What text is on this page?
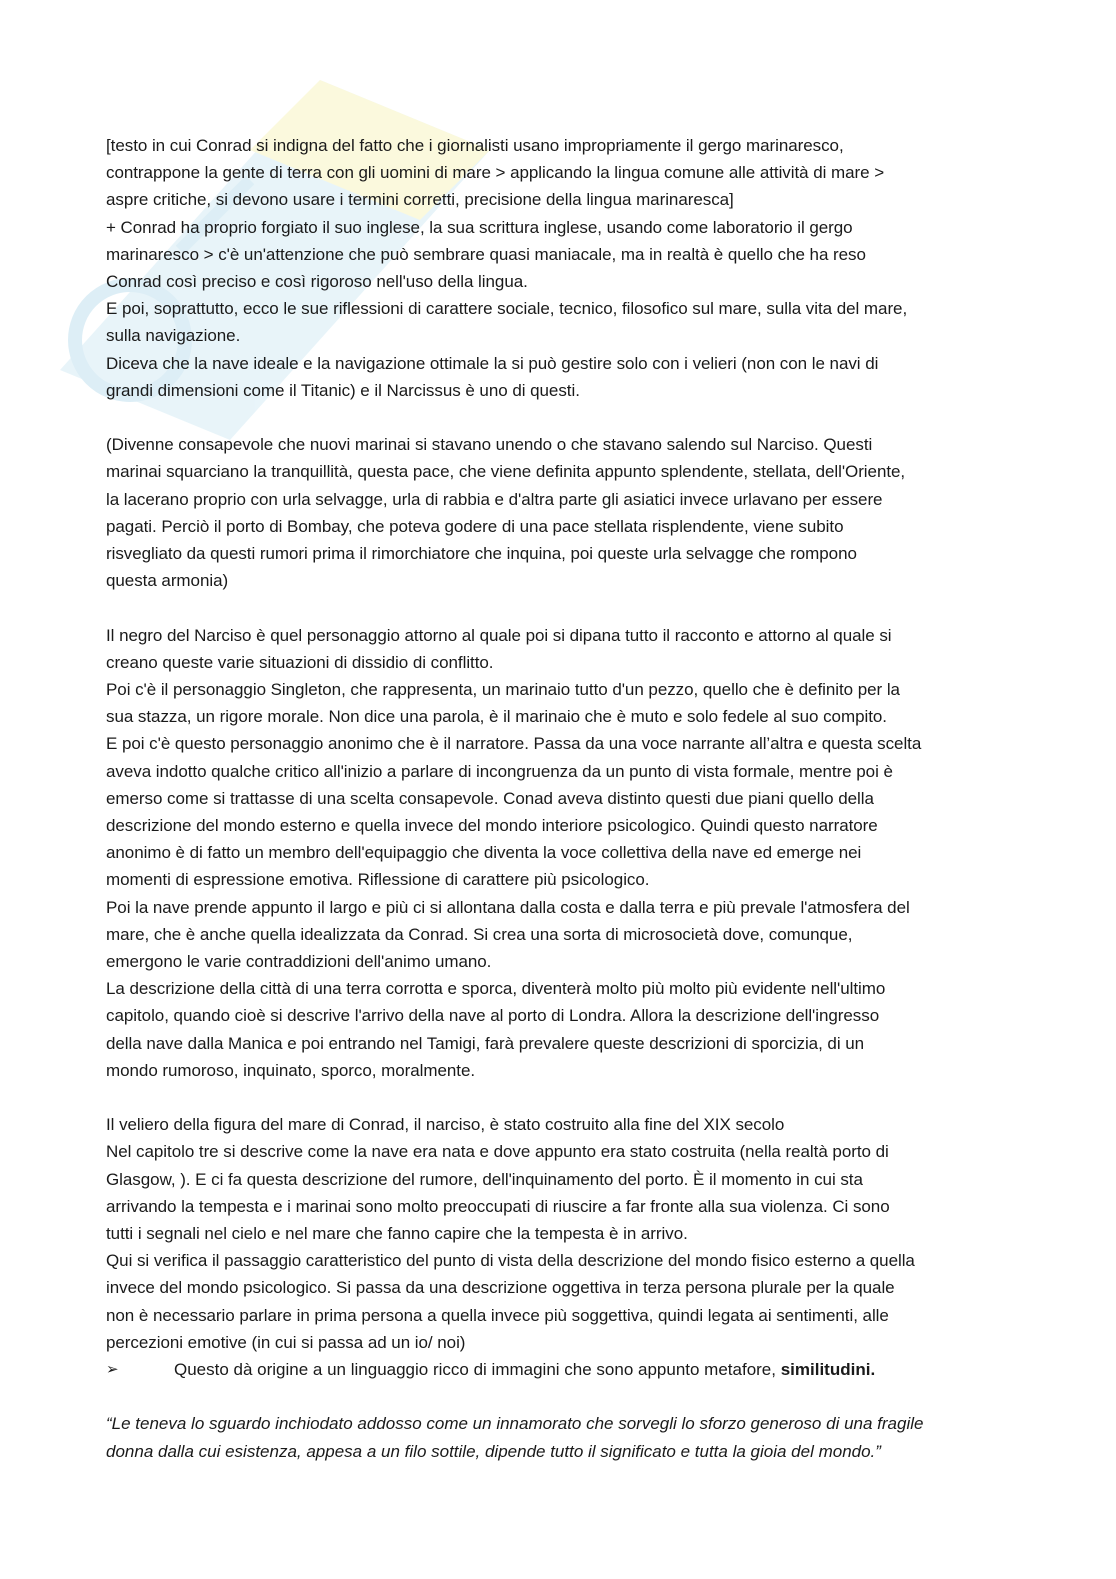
[testo in cui Conrad si indigna del fatto che i giornalisti usano impropriamente il gergo marinaresco,
contrappone la gente di terra con gli uomini di mare > applicando la lingua comune alle attività di mare >
aspre critiche, si devono usare i termini corretti, precisione della lingua marinaresca]
+ Conrad ha proprio forgiato il suo inglese, la sua scrittura inglese, usando come laboratorio il gergo
marinaresco > c'è un'attenzione che può sembrare quasi maniacale, ma in realtà è quello che ha reso
Conrad così preciso e così rigoroso nell'uso della lingua.
E poi, soprattutto, ecco le sue riflessioni di carattere sociale, tecnico, filosofico sul mare, sulla vita del mare,
sulla navigazione.
Diceva che la nave ideale e la navigazione ottimale la si può gestire solo con i velieri (non con le navi di
grandi dimensioni come il Titanic) e il Narcissus è uno di questi.
(Divenne consapevole che nuovi marinai si stavano unendo o che stavano salendo sul Narciso. Questi
marinai squarciano la tranquillità, questa pace, che viene definita appunto splendente, stellata, dell'Oriente,
la lacerano proprio con urla selvagge, urla di rabbia e d'altra parte gli asiatici invece urlavano per essere
pagati. Perciò il porto di Bombay, che poteva godere di una pace stellata risplendente, viene subito
risvegliato da questi rumori prima il rimorchiatore che inquina, poi queste urla selvagge che rompono
questa armonia)
Il negro del Narciso è quel personaggio attorno al quale poi si dipana tutto il racconto e attorno al quale si
creano queste varie situazioni di dissidio di conflitto.
Poi c'è il personaggio Singleton, che rappresenta, un marinaio tutto d'un pezzo, quello che è definito per la
sua stazza, un rigore morale. Non dice una parola, è il marinaio che è muto e solo fedele al suo compito.
E poi c'è questo personaggio anonimo che è il narratore. Passa da una voce narrante all’altra e questa scelta
aveva indotto qualche critico all'inizio a parlare di incongruenza da un punto di vista formale, mentre poi è
emerso come si trattasse di una scelta consapevole. Conad aveva distinto questi due piani quello della
descrizione del mondo esterno e quella invece del mondo interiore psicologico. Quindi questo narratore
anonimo è di fatto un membro dell'equipaggio che diventa la voce collettiva della nave ed emerge nei
momenti di espressione emotiva. Riflessione di carattere più psicologico.
Poi la nave prende appunto il largo e più ci si allontana dalla costa e dalla terra e più prevale l'atmosfera del
mare, che è anche quella idealizzata da Conrad. Si crea una sorta di microsocietà dove, comunque,
emergono le varie contraddizioni dell'animo umano.
La descrizione della città di una terra corrotta e sporca, diventerà molto più molto più evidente nell'ultimo
capitolo, quando cioè si descrive l'arrivo della nave al porto di Londra. Allora la descrizione dell'ingresso
della nave dalla Manica e poi entrando nel Tamigi, farà prevalere queste descrizioni di sporcizia, di un
mondo rumoroso, inquinato, sporco, moralmente.
Il veliero della figura del mare di Conrad, il narciso, è stato costruito alla fine del XIX secolo
Nel capitolo tre si descrive come la nave era nata e dove appunto era stato costruita (nella realtà porto di
Glasgow, ). E ci fa questa descrizione del rumore, dell'inquinamento del porto. È il momento in cui sta
arrivando la tempesta e i marinai sono molto preoccupati di riuscire a far fronte alla sua violenza. Ci sono
tutti i segnali nel cielo e nel mare che fanno capire che la tempesta è in arrivo.
Qui si verifica il passaggio caratteristico del punto di vista della descrizione del mondo fisico esterno a quella
invece del mondo psicologico. Si passa da una descrizione oggettiva in terza persona plurale per la quale
non è necessario parlare in prima persona a quella invece più soggettiva, quindi legata ai sentimenti, alle
percezioni emotive (in cui si passa ad un io/ noi)
➢	Questo dà origine a un linguaggio ricco di immagini che sono appunto metafore, similitudini.
“Le teneva lo sguardo inchiodato addosso come un innamorato che sorvegli lo sforzo generoso di una fragile
donna dalla cui esistenza, appesa a un filo sottile, dipende tutto il significato e tutta la gioia del mondo.”
